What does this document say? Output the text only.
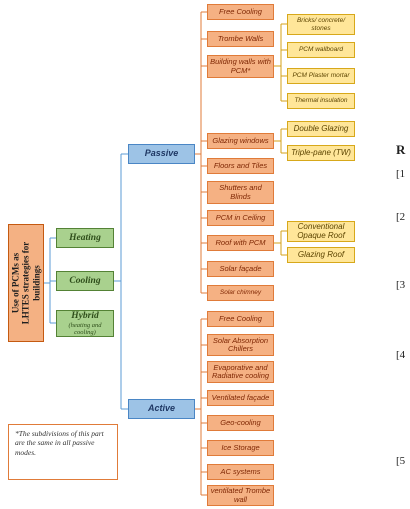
Use of PCMs as
LHTES strategies for
buildings
Heating
Cooling
Hybrid
(heating and cooling)
Passive
Active
Free Cooling
Trombe Walls
Building walls with PCM*
Glazing windows
Floors and Tiles
Shutters and Blinds
PCM in Ceiling
Roof with PCM
Solar façade
Solar chimney
Bricks/ concrete/ stones
PCM wallboard
PCM Plaster mortar
Thermal insulation
Double Glazing
Triple-pane (TW)
Conventional Opaque Roof
Glazing Roof
Free Cooling
Solar Absorption Chillers
Evaporative and Radiative cooling
Ventilated façade
Geo-cooling
Ice Storage
AC systems
ventilated Trombe wall
*The subdivisions of this part are the same in all passive modes.
R
[1
[2
[3
[4
[5
